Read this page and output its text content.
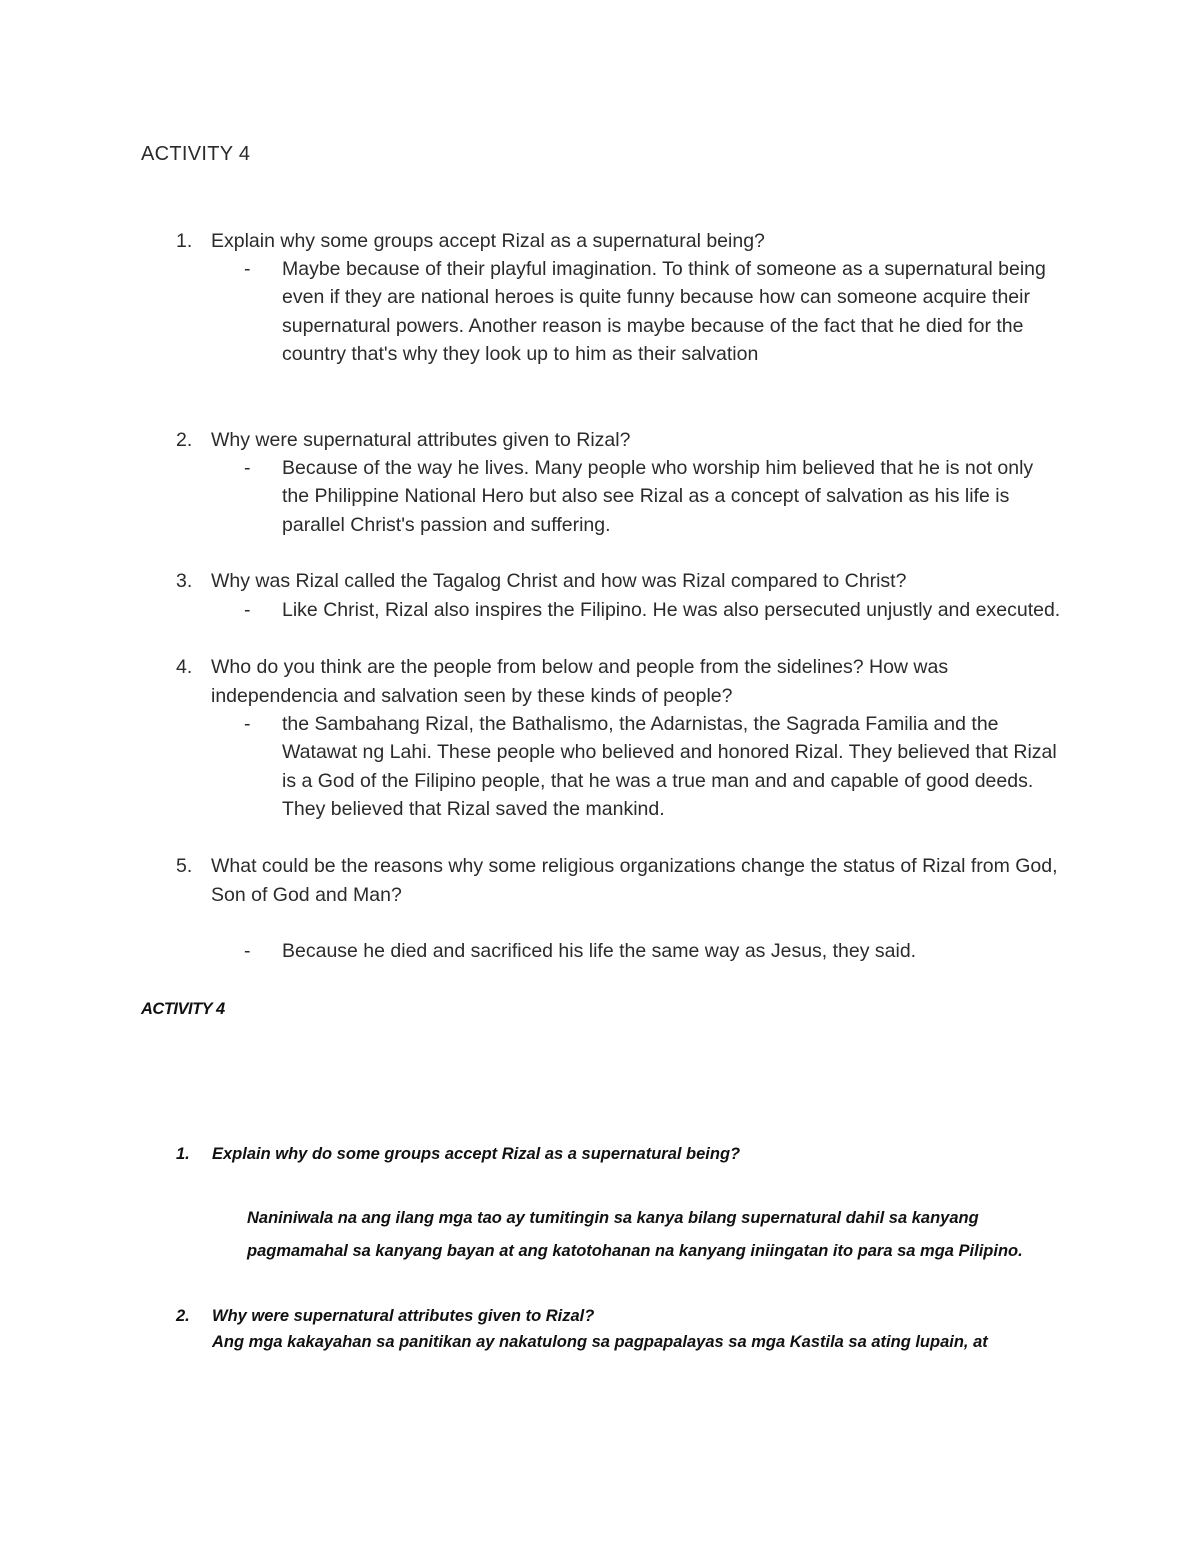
ACTIVITY 4
1. Explain why some groups accept Rizal as a supernatural being?
- Maybe because of their playful imagination. To think of someone as a supernatural being even if they are national heroes is quite funny because how can someone acquire their supernatural powers. Another reason is maybe because of the fact that he died for the country that's why they look up to him as their salvation
2. Why were supernatural attributes given to Rizal?
- Because of the way he lives. Many people who worship him believed that he is not only the Philippine National Hero but also see Rizal as a concept of salvation as his life is parallel Christ's passion and suffering.
3. Why was Rizal called the Tagalog Christ and how was Rizal compared to Christ?
- Like Christ, Rizal also inspires the Filipino. He was also persecuted unjustly and executed.
4. Who do you think are the people from below and people from the sidelines? How was independencia and salvation seen by these kinds of people?
- the Sambahang Rizal, the Bathalismo, the Adarnistas, the Sagrada Familia and the Watawat ng Lahi. These people who believed and honored Rizal. They believed that Rizal is a God of the Filipino people, that he was a true man and and capable of good deeds. They believed that Rizal saved the mankind.
5. What could be the reasons why some religious organizations change the status of Rizal from God, Son of God and Man?
- Because he died and sacrificed his life the same way as Jesus, they said.
ACTIVITY 4
1. Explain why do some groups accept Rizal as a supernatural being?
Naniniwala na ang ilang mga tao ay tumitingin sa kanya bilang supernatural dahil sa kanyang pagmamahal sa kanyang bayan at ang katotohanan na kanyang iniingatan ito para sa mga Pilipino.
2. Why were supernatural attributes given to Rizal?
Ang mga kakayahan sa panitikan ay nakatulong sa pagpapalayas sa mga Kastila sa ating lupain, at
